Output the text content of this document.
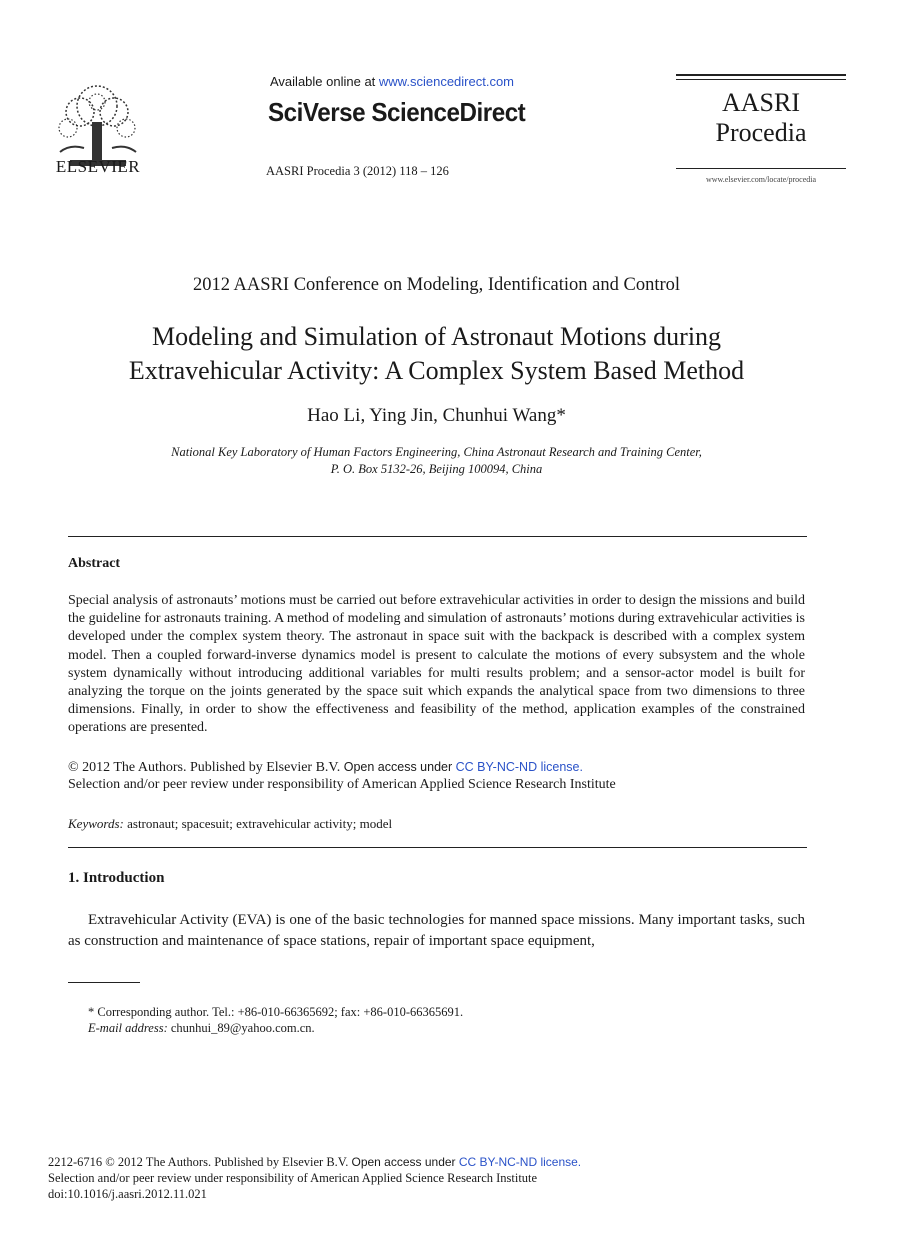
ELSEVIER
Available online at www.sciencedirect.com
SciVerse ScienceDirect
AASRI Procedia 3 (2012) 118 – 126
AASRI
Procedia
www.elsevier.com/locate/procedia
2012 AASRI Conference on Modeling, Identification and Control
Modeling and Simulation of Astronaut Motions during
Extravehicular Activity: A Complex System Based Method
Hao Li, Ying Jin, Chunhui Wang*
National Key Laboratory of Human Factors Engineering, China Astronaut Research and Training Center,
P. O. Box 5132-26, Beijing 100094, China
Abstract
Special analysis of astronauts’ motions must be carried out before extravehicular activities in order to design the missions and build the guideline for astronauts training. A method of modeling and simulation of astronauts’ motions during extravehicular activities is developed under the complex system theory. The astronaut in space suit with the backpack is described with a complex system model. Then a coupled forward-inverse dynamics model is present to calculate the motions of every subsystem and the whole system dynamically without introducing additional variables for multi results problem; and a sensor-actor model is built for analyzing the torque on the joints generated by the space suit which expands the analytical space from two dimensions to three dimensions. Finally, in order to show the effectiveness and feasibility of the method, application examples of the constrained operations are presented.
© 2012 The Authors. Published by Elsevier B.V. Open access under CC BY-NC-ND license.
Selection and/or peer review under responsibility of American Applied Science Research Institute
Keywords: astronaut; spacesuit; extravehicular activity; model
1. Introduction
Extravehicular Activity (EVA) is one of the basic technologies for manned space missions. Many important tasks, such as construction and maintenance of space stations, repair of important space equipment,
* Corresponding author. Tel.: +86-010-66365692; fax: +86-010-66365691.
E-mail address: chunhui_89@yahoo.com.cn.
2212-6716 © 2012 The Authors. Published by Elsevier B.V. Open access under CC BY-NC-ND license.
Selection and/or peer review under responsibility of American Applied Science Research Institute
doi:10.1016/j.aasri.2012.11.021
